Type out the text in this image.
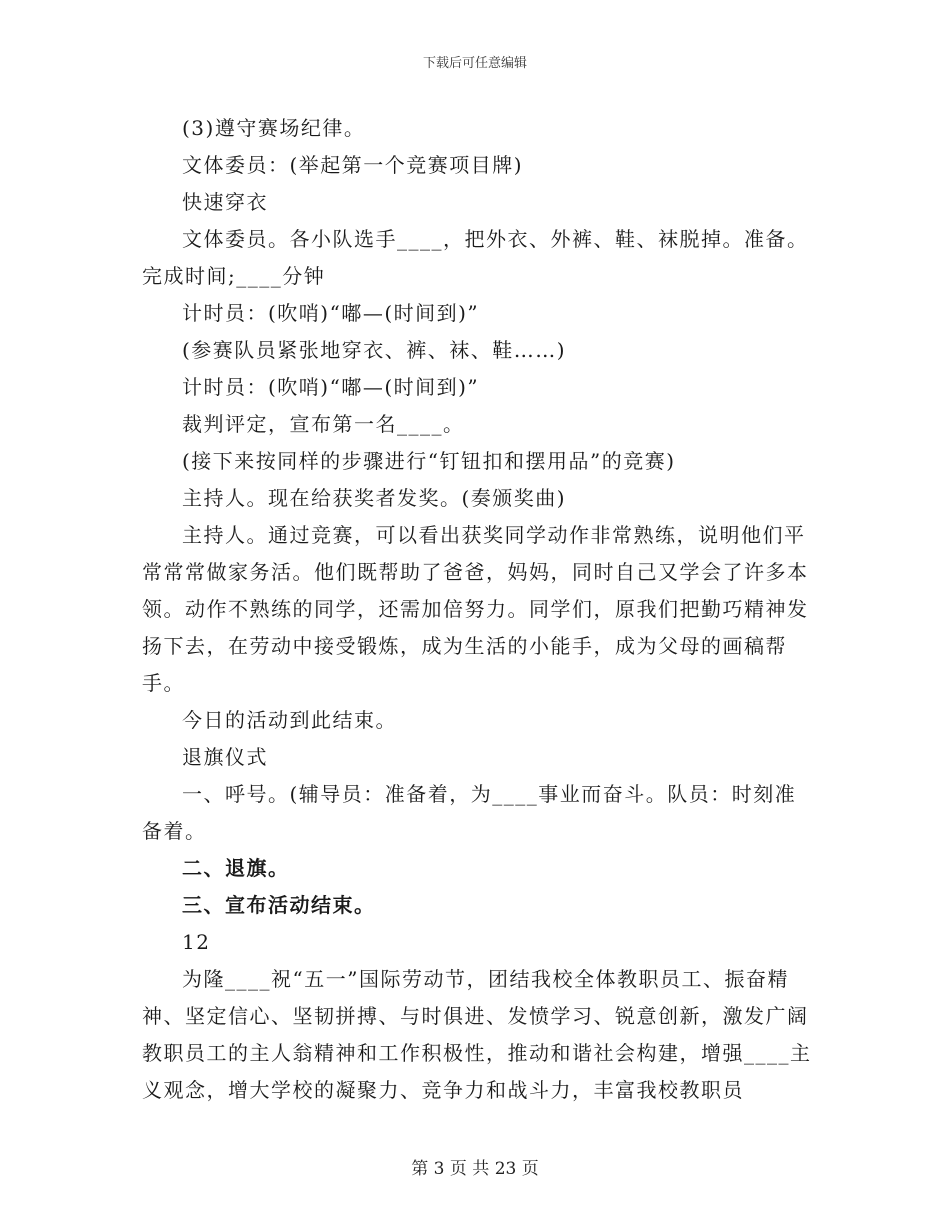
下载后可任意编辑

(3)遵守赛场纪律。

文体委员：(举起第一个竞赛项目牌)

快速穿衣

文体委员。各小队选手____，把外衣、外裤、鞋、袜脱掉。准备。完成时间;____分钟

计时员：(吹哨)“嘟—(时间到)”

(参赛队员紧张地穿衣、裤、袜、鞋……)

计时员：(吹哨)“嘟—(时间到)”

裁判评定，宣布第一名____。

(接下来按同样的步骤进行“钉钮扣和摆用品”的竞赛)

主持人。现在给获奖者发奖。(奏颁奖曲)

主持人。通过竞赛，可以看出获奖同学动作非常熟练，说明他们平常常常做家务活。他们既帮助了爸爸，妈妈，同时自己又学会了许多本领。动作不熟练的同学，还需加倍努力。同学们，原我们把勤巧精神发扬下去，在劳动中接受锻炼，成为生活的小能手，成为父母的画稿帮手。

今日的活动到此结束。

退旗仪式

一、呼号。(辅导员：准备着，为____事业而奋斗。队员：时刻准备着。

二、退旗。

三、宣布活动结束。

12

为隆____祝“五一”国际劳动节，团结我校全体教职员工、振奋精神、坚定信心、坚韧拼搏、与时俱进、发愤学习、锐意创新，激发广阔教职员工的主人翁精神和工作积极性，推动和谐社会构建，增强____主义观念，增大学校的凝聚力、竞争力和战斗力，丰富我校教职员

第 3 页 共 23 页
